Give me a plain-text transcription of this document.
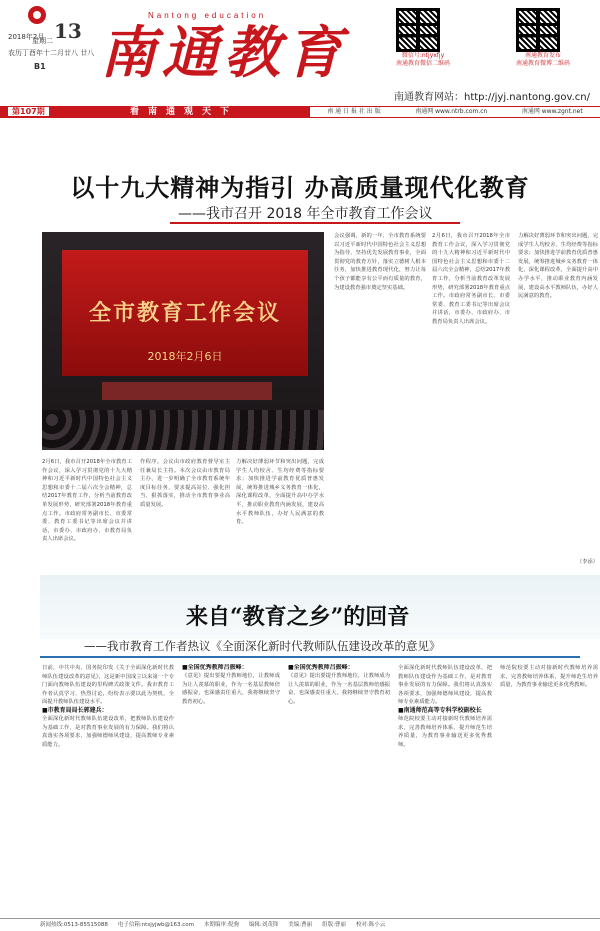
2018年2月 13
星期二
农历丁酉年十二月廿八 廿八
B1
Nantong education
南通教育	微信号:ntjyxfjy
南通教育微信二维码
南通教育发布
南通教育微博二维码
南通教育网站：http://jyj.nantong.gov.cn/
第107期	看南通观天下	南 通 日 报 社 出 版	南通网 www.ntrb.com.cn	南通网 www.zgnt.net
以十九大精神为指引 办高质量现代化教育
——我市召开 2018 年全市教育工作会议
全市教育工作会议
2018年2月6日
2月6日，我市召开2018年全市教育工作会议，深入学习贯彻党的十九大精神和习近平新时代中国特色社会主义思想和市委十二届六次全会精神，总结2017年教育工作，分析当前教育改革发展形势，研究部署2018年教育重点工作。市政府常务副市长、市委常委、教育工委书记等出席会议并讲话，市委办、市政府办、市教育局负责人出席会议。
作程序。会议由市政府教育督导室主任兼局长主持。本次会议由市教育局主办，进一步明确了全市教育系统年度目标任务，要求提高站位、强化担当、狠抓落实，推动全市教育事业高质量发展。
力解决好薄弱环节和突出问题，完成学生人均校舍、生均经费等指标要求；加快推进学前教育优质普惠发展，统筹推进城乡义务教育一体化，深化课程改革，全面提升高中办学水平，推动职业教育内涵发展，建设高水平教师队伍，办好人民满意的教育。
会议强调，新的一年，全市教育系统要以习近平新时代中国特色社会主义思想为指导，坚持优先发展教育事业，全面贯彻党的教育方针，落实立德树人根本任务，加快推进教育现代化，努力让每个孩子都能享有公平而有质量的教育，为建设教育强市奠定坚实基础。
2月6日，我市召开2018年全市教育工作会议，深入学习贯彻党的十九大精神和习近平新时代中国特色社会主义思想和市委十二届六次全会精神，总结2017年教育工作，分析当前教育改革发展形势，研究部署2018年教育重点工作。市政府常务副市长、市委常委、教育工委书记等出席会议并讲话，市委办、市政府办、市教育局负责人出席会议。
力解决好薄弱环节和突出问题，完成学生人均校舍、生均经费等指标要求；加快推进学前教育优质普惠发展，统筹推进城乡义务教育一体化，深化课程改革，全面提升高中办学水平，推动职业教育内涵发展，建设高水平教师队伍，办好人民满意的教育。
（李添）
来自“教育之乡”的回音
——我市教育工作者热议《全面深化新时代教师队伍建设改革的意见》
日前，中共中央、国务院印发《关于全面深化新时代教师队伍建设改革的意见》，这是新中国成立以来第一个专门面向教师队伍建设的里程碑式政策文件。我市教育工作者认真学习、热烈讨论，纷纷表示要以此为契机，全面提升教师队伍建设水平。
■市教育局局长郭建兵：
全面深化新时代教师队伍建设改革，把教师队伍建设作为基础工作，是对教育事业发展的有力保障。我们将认真落实各项要求，加强师德师风建设，提高教师专业素质能力。
■全国优秀教师吕振峰：
《意见》提出要提升教师地位，让教师成为让人羡慕的职业，作为一名基层教师倍感振奋，也深感责任重大，我将继续坚守教育初心。
■全国优秀教师吕振峰：
《意见》提出要提升教师地位，让教师成为让人羡慕的职业，作为一名基层教师倍感振奋，也深感责任重大，我将继续坚守教育初心。
全面深化新时代教师队伍建设改革，把教师队伍建设作为基础工作，是对教育事业发展的有力保障。我们将认真落实各项要求，加强师德师风建设，提高教师专业素质能力。
■南通师范高等专科学校副校长
师范院校要主动对接新时代教师培养需求，完善教师培养体系，提升师范生培养质量，为教育事业输送更多优秀教师。
师范院校要主动对接新时代教师培养需求，完善教师培养体系，提升师范生培养质量，为教育事业输送更多优秀教师。
新闻热线:0513-85515088 电子信箱:ntsjyjwb@163.com 本期编审:倪驹 编辑:刘茂锋 美编:曹丽 组版:曹丽 校对:陈小云
